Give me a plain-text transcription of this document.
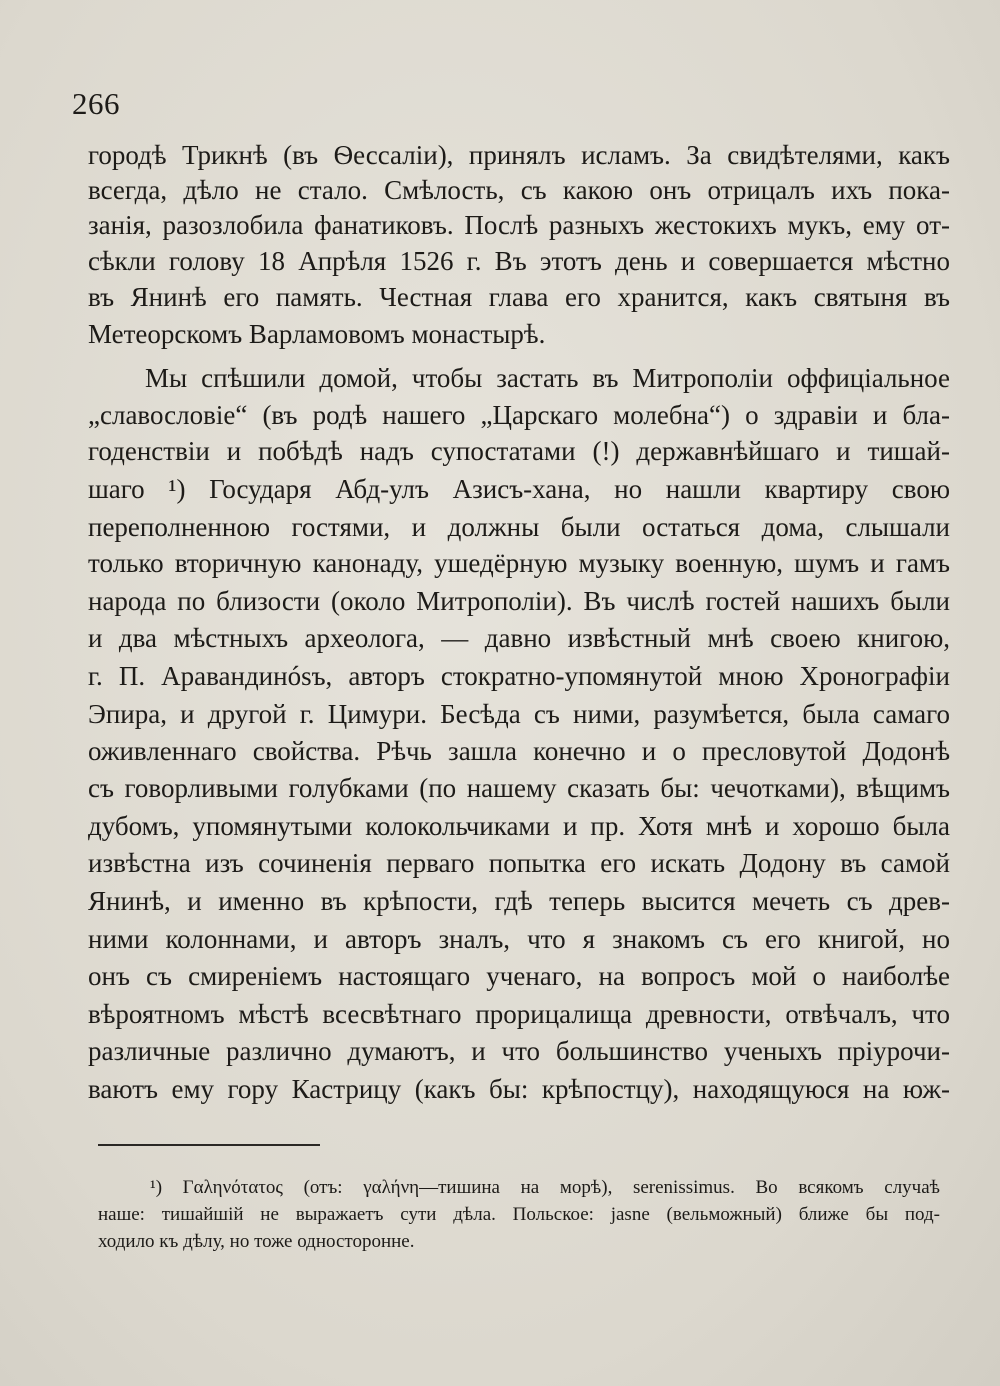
266
городѣ Трикнѣ (въ Ѳессаліи), принялъ исламъ. За свидѣтелями, какъ
всегда, дѣло не стало. Смѣлость, съ какою онъ отрицалъ ихъ пока-
занія, разозлобила фанатиковъ. Послѣ разныхъ жестокихъ мукъ, ему от-
сѣкли голову 18 Апрѣля 1526 г. Въ этотъ день и совершается мѣстно
въ Янинѣ его память. Честная глава его хранится, какъ святыня въ
Метеорскомъ Варламовомъ монастырѣ.
Мы спѣшили домой, чтобы застать въ Митрополіи оффиціальное
„славословіе“ (въ родѣ нашего „Царскаго молебна“) о здравіи и бла-
годенствіи и побѣдѣ надъ супостатами (!) державнѣйшаго и тишай-
шаго ¹) Государя Абд-улъ Азисъ-хана, но нашли квартиру свою
переполненною гостями, и должны были остаться дома, слышали
только вторичную канонаду, ушедёрную музыку военную, шумъ и гамъ
народа по близости (около Митрополіи). Въ числѣ гостей нашихъ были
и два мѣстныхъ археолога, — давно извѣстный мнѣ своею книгою,
г. П. Аравандинósъ, авторъ стократно-упомянутой мною Хронографіи
Эпира, и другой г. Цимури. Бесѣда съ ними, разумѣется, была самаго
оживленнаго свойства. Рѣчь зашла конечно и о пресловутой Додонѣ
съ говорливыми голубками (по нашему сказать бы: чечотками), вѣщимъ
дубомъ, упомянутыми колокольчиками и пр. Хотя мнѣ и хорошо была
извѣстна изъ сочиненія перваго попытка его искать Додону въ самой
Янинѣ, и именно въ крѣпости, гдѣ теперь высится мечеть съ древ-
ними колоннами, и авторъ зналъ, что я знакомъ съ его книгой, но
онъ съ смиреніемъ настоящаго ученаго, на вопросъ мой о наиболѣе
вѣроятномъ мѣстѣ всесвѣтнаго прорицалища древности, отвѣчалъ, что
различные различно думаютъ, и что большинство ученыхъ пріурочи-
ваютъ ему гору Кастрицу (какъ бы: крѣпостцу), находящуюся на юж-
¹) Γαληνότατος (отъ: γαλήνη—тишина на морѣ), serenissimus. Во всякомъ случаѣ
наше: тишайшій не выражаетъ сути дѣла. Польское: jasne (вельможный) ближе бы под-
ходило къ дѣлу, но тоже односторонне.
